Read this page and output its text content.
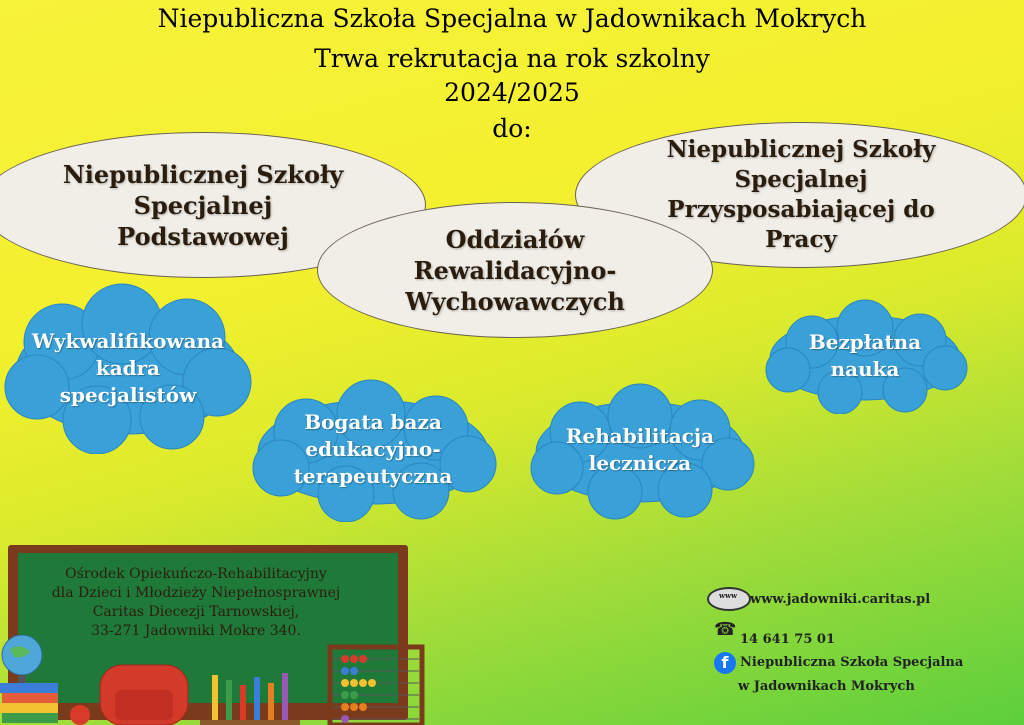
Niepubliczna Szkoła Specjalna w Jadownikach Mokrych
Trwa rekrutacja na rok szkolny
2024/2025
do:
Niepublicznej Szkoły
Specjalnej
Podstawowej
Niepublicznej Szkoły
Specjalnej
Przysposabiającej do
Pracy
Oddziałów
Rewalidacyjno-
Wychowawczych
Wykwalifikowana
kadra
specjalistów
Bogata baza
edukacyjno-
terapeutyczna
Rehabilitacja
lecznicza
Bezpłatna
nauka
Ośrodek Opiekuńczo-Rehabilitacyjny
dla Dzieci i Młodzieży Niepełnosprawnej
Caritas Diecezji Tarnowskiej,
33-271 Jadowniki Mokre 340.
www www.jadowniki.caritas.pl
☎ 14 641 75 01
f Niepubliczna Szkoła Specjalna
w Jadownikach Mokrych
